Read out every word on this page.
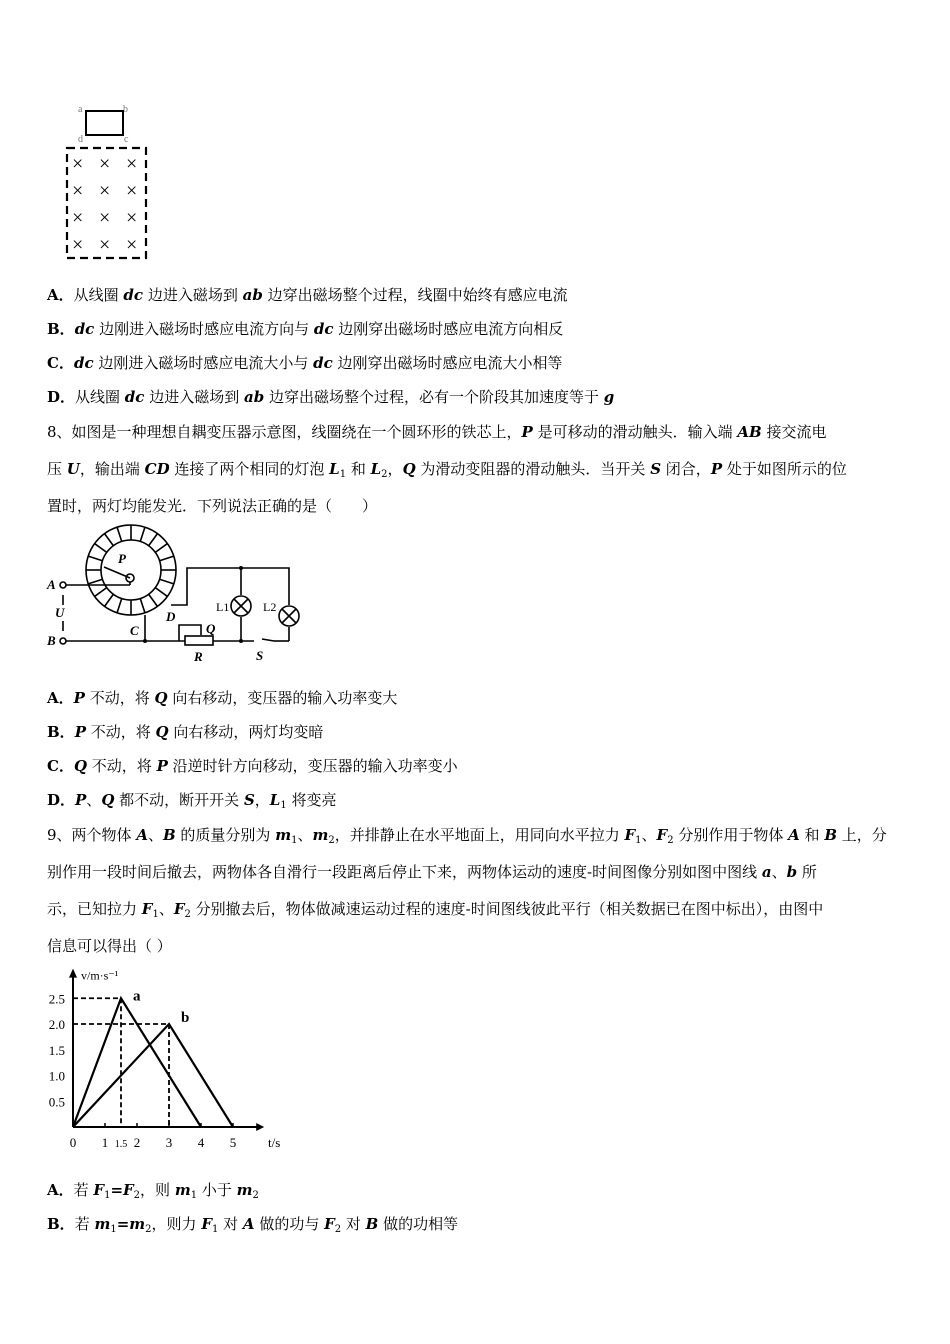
a	b
d	c
× × ×
× × ×
× × ×
× × ×
A．从线圈 dc 边进入磁场到 ab 边穿出磁场整个过程，线圈中始终有感应电流
B．dc 边刚进入磁场时感应电流方向与 dc 边刚穿出磁场时感应电流方向相反
C．dc 边刚进入磁场时感应电流大小与 dc 边刚穿出磁场时感应电流大小相等
D．从线圈 dc 边进入磁场到 ab 边穿出磁场整个过程，必有一个阶段其加速度等于 g
8、如图是一种理想自耦变压器示意图，线圈绕在一个圆环形的铁芯上，P 是可移动的滑动触头．输入端 AB 接交流电
压 U，输出端 CD 连接了两个相同的灯泡 $L_1$ 和 $L_2$，Q 为滑动变阻器的滑动触头．当开关 S 闭合，P 处于如图所示的位
置时，两灯均能发光．下列说法正确的是（　　）
A
U
B
P
C
D
Q
R	S
L1	L2
A．P 不动，将 Q 向右移动，变压器的输入功率变大
B．P 不动，将 Q 向右移动，两灯均变暗
C．Q 不动，将 P 沿逆时针方向移动，变压器的输入功率变小
D．P、Q 都不动，断开开关 S，$L_1$ 将变亮
9、两个物体 A、B 的质量分别为 $m_1$、$m_2$，并排静止在水平地面上，用同向水平拉力 $F_1$、$F_2$ 分别作用于物体 A 和 B 上，分
别作用一段时间后撤去，两物体各自滑行一段距离后停止下来，两物体运动的速度-时间图像分别如图中图线 a、b 所
示，已知拉力 $F_1$、$F_2$ 分别撤去后，物体做减速运动过程的速度-时间图线彼此平行（相关数据已在图中标出），由图中
信息可以得出（ ）
0 1 1.5 2 3 4 5
0.5
1.0
1.5
2.0
2.5
v/m·s⁻¹
t/s
a
b
A．若 $F_1=F_2$，则 $m_1$ 小于 $m_2$
B．若 $m_1=m_2$，则力 $F_1$ 对 A 做的功与 $F_2$ 对 B 做的功相等
